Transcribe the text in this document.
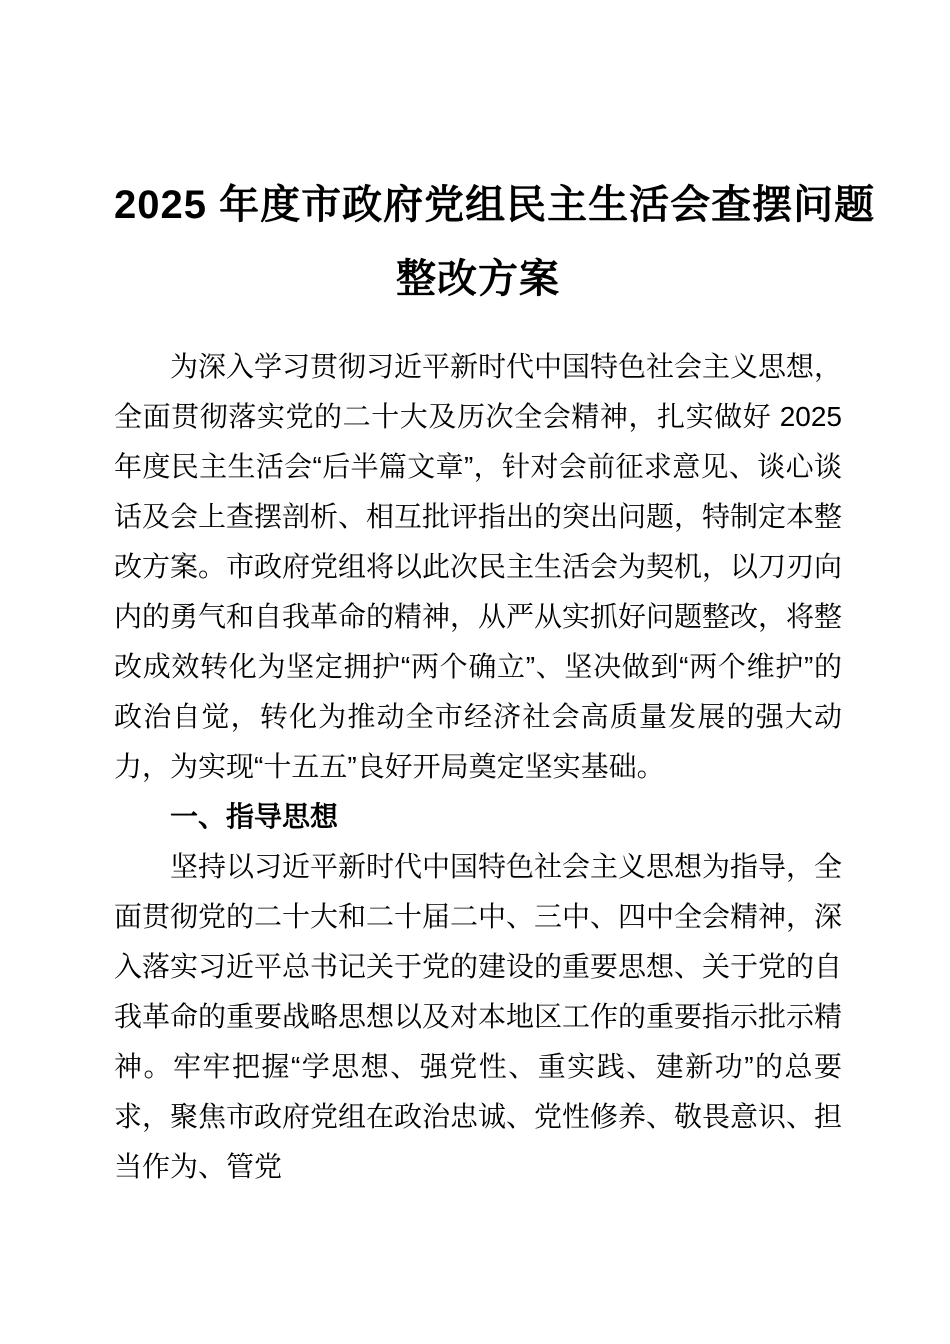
2025 年度市政府党组民主生活会查摆问题
整改方案

为深入学习贯彻习近平新时代中国特色社会主义思想，全面贯彻落实党的二十大及历次全会精神，扎实做好 2025 年度民主生活会“后半篇文章”，针对会前征求意见、谈心谈话及会上查摆剖析、相互批评指出的突出问题，特制定本整改方案。市政府党组将以此次民主生活会为契机，以刀刃向内的勇气和自我革命的精神，从严从实抓好问题整改，将整改成效转化为坚定拥护“两个确立”、坚决做到“两个维护”的政治自觉，转化为推动全市经济社会高质量发展的强大动力，为实现“十五五”良好开局奠定坚实基础。

一、指导思想

坚持以习近平新时代中国特色社会主义思想为指导，全面贯彻党的二十大和二十届二中、三中、四中全会精神，深入落实习近平总书记关于党的建设的重要思想、关于党的自我革命的重要战略思想以及对本地区工作的重要指示批示精神。牢牢把握“学思想、强党性、重实践、建新功”的总要求，聚焦市政府党组在政治忠诚、党性修养、敬畏意识、担当作为、管党
